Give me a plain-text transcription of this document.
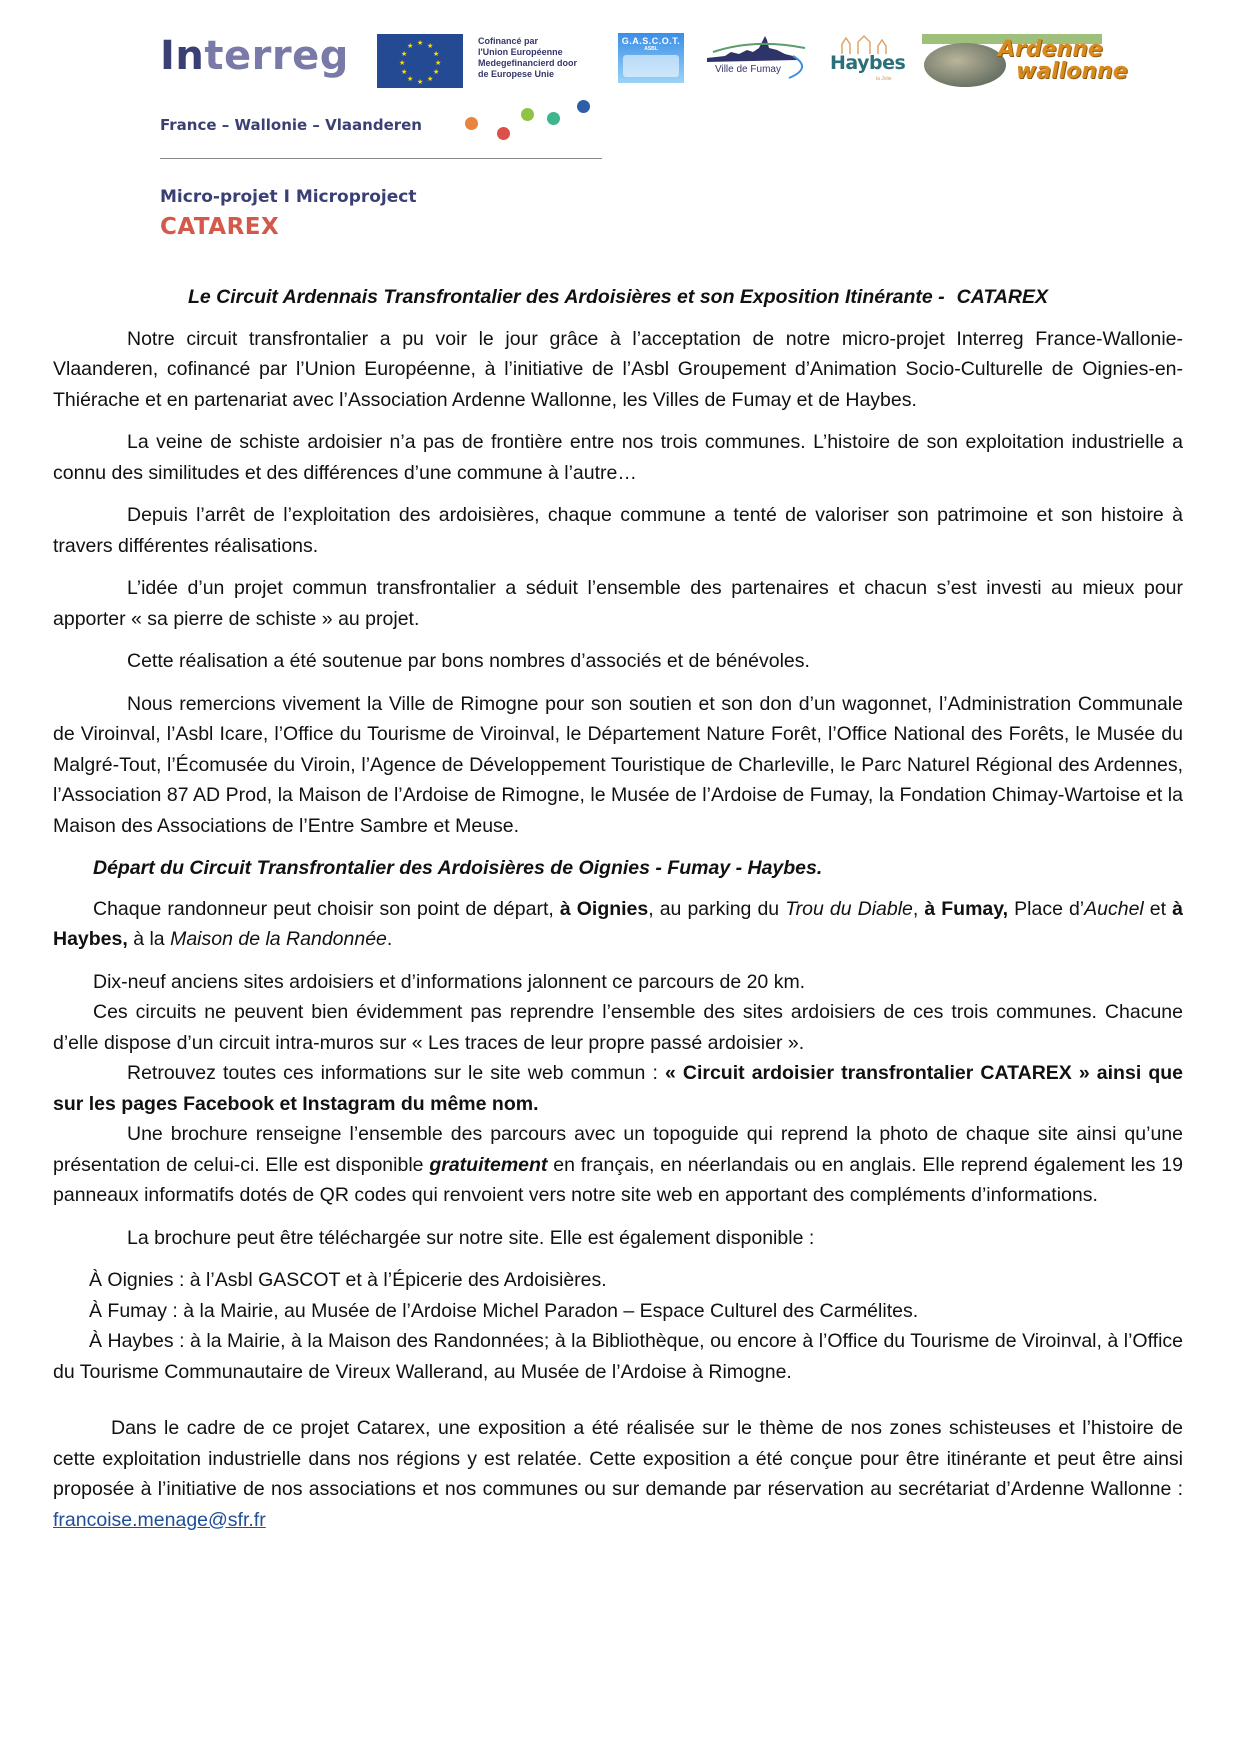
Interreg	★ ★
★
★
★
★
★
★
★
★
★
★	Cofinancé par
l'Union Européenne
Medegefinancierd door
de Europese Unie
France – Wallonie – Vlaanderen
G.A.S.C.O.T.
ASBL
Ville de Fumay	Haybes
la Jolie
Ardenne
wallonne
Micro-projet I Microproject
CATAREX
Le Circuit Ardennais Transfrontalier des Ardoisières et son Exposition Itinérante - CATAREX

Notre circuit transfrontalier a pu voir le jour grâce à l’acceptation de notre micro-projet Interreg France-Wallonie-Vlaanderen, cofinancé par l’Union Européenne, à l’initiative de l’Asbl Groupement d’Animation Socio-Culturelle de Oignies-en-Thiérache et en partenariat avec l’Association Ardenne Wallonne, les Villes de Fumay et de Haybes.

La veine de schiste ardoisier n’a pas de frontière entre nos trois communes. L’histoire de son exploitation industrielle a connu des similitudes et des différences d’une commune à l’autre…

Depuis l’arrêt de l’exploitation des ardoisières, chaque commune a tenté de valoriser son patrimoine et son histoire à travers différentes réalisations.

L’idée d’un projet commun transfrontalier a séduit l’ensemble des partenaires et chacun s’est investi au mieux pour apporter « sa pierre de schiste » au projet.

Cette réalisation a été soutenue par bons nombres d’associés et de bénévoles.

Nous remercions vivement la Ville de Rimogne pour son soutien et son don d’un wagonnet, l’Administration Communale de Viroinval, l’Asbl Icare, l’Office du Tourisme de Viroinval, le Département Nature Forêt, l’Office National des Forêts, le Musée du Malgré-Tout, l’Écomusée du Viroin, l’Agence de Développement Touristique de Charleville, le Parc Naturel Régional des Ardennes, l’Association 87 AD Prod, la Maison de l’Ardoise de Rimogne, le Musée de l’Ardoise de Fumay, la Fondation Chimay-Wartoise et la Maison des Associations de l’Entre Sambre et Meuse.

Départ du Circuit Transfrontalier des Ardoisières de Oignies - Fumay - Haybes.

Chaque randonneur peut choisir son point de départ, à Oignies, au parking du Trou du Diable, à Fumay, Place d’Auchel et à Haybes, à la Maison de la Randonnée.

Dix-neuf anciens sites ardoisiers et d’informations jalonnent ce parcours de 20 km.

Ces circuits ne peuvent bien évidemment pas reprendre l’ensemble des sites ardoisiers de ces trois communes. Chacune d’elle dispose d’un circuit intra-muros sur « Les traces de leur propre passé ardoisier ».

Retrouvez toutes ces informations sur le site web commun : « Circuit ardoisier transfrontalier CATAREX » ainsi que sur les pages Facebook et Instagram du même nom.

Une brochure renseigne l’ensemble des parcours avec un topoguide qui reprend la photo de chaque site ainsi qu’une présentation de celui-ci. Elle est disponible gratuitement en français, en néerlandais ou en anglais. Elle reprend également les 19 panneaux informatifs dotés de QR codes qui renvoient vers notre site web en apportant des compléments d’informations.

La brochure peut être téléchargée sur notre site. Elle est également disponible :

À Oignies : à l’Asbl GASCOT et à l’Épicerie des Ardoisières.

À Fumay : à la Mairie, au Musée de l’Ardoise Michel Paradon – Espace Culturel des Carmélites.

À Haybes : à la Mairie, à la Maison des Randonnées; à la Bibliothèque, ou encore à l’Office du Tourisme de Viroinval, à l’Office du Tourisme Communautaire de Vireux Wallerand, au Musée de l’Ardoise à Rimogne.

Dans le cadre de ce projet Catarex, une exposition a été réalisée sur le thème de nos zones schisteuses et l’histoire de cette exploitation industrielle dans nos régions y est relatée. Cette exposition a été conçue pour être itinérante et peut être ainsi proposée à l’initiative de nos associations et nos communes ou sur demande par réservation au secrétariat d’Ardenne Wallonne : francoise.menage@sfr.fr
